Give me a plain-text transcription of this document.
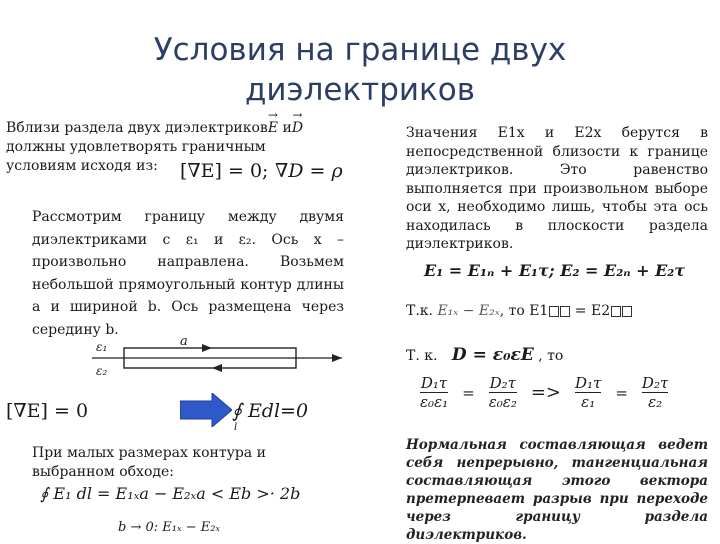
Условия на границе двух диэлектриков
Вблизи раздела двух диэлектриков→ E и→ D
должны удовлетворять граничным
условиям исходя из:	[∇E] = 0; ∇D = ρ
Рассмотрим границу между двумя диэлектриками с ε₁ и ε₂. Ось x – произвольно направлена. Возьмем небольшой прямоугольный контур длины a и шириной b. Ось размещена через середину b.
a
ε₁
ε₂
[∇E] = 0	∮ Edl=0
l
При малых размерах контура и
выбранном обходе:
∮ E₁ dl = E₁ₓa − E₂ₓa < Eb >· 2b
b → 0: E₁ₓ − E₂ₓ
Значения E1x и E2x берутся в непосредственной близости к границе диэлектриков. Это равенство выполняется при произвольном выборе оси x, необходимо лишь, чтобы эта ось находилась в плоскости раздела диэлектриков.
E₁ = E₁ₙ + E₁τ; E₂ = E₂ₙ + E₂τ
Т.к. E₁ₓ − E₂ₓ, то E1 = E2
Т. к. D = ε₀εE , то
$\frac{\text{D₁τ}}{\text{ε₀ε₁}} = \frac{\text{D₂τ}}{\text{ε₀ε₂}} => \frac{\text{D₁τ}}{\text{ε₁}} = \frac{\text{D₂τ}}{\text{ε₂}}$
Нормальная составляющая ведет себя непрерывно, тангенциальная составляющая этого вектора претерпевает разрыв при переходе через границу раздела диэлектриков.
